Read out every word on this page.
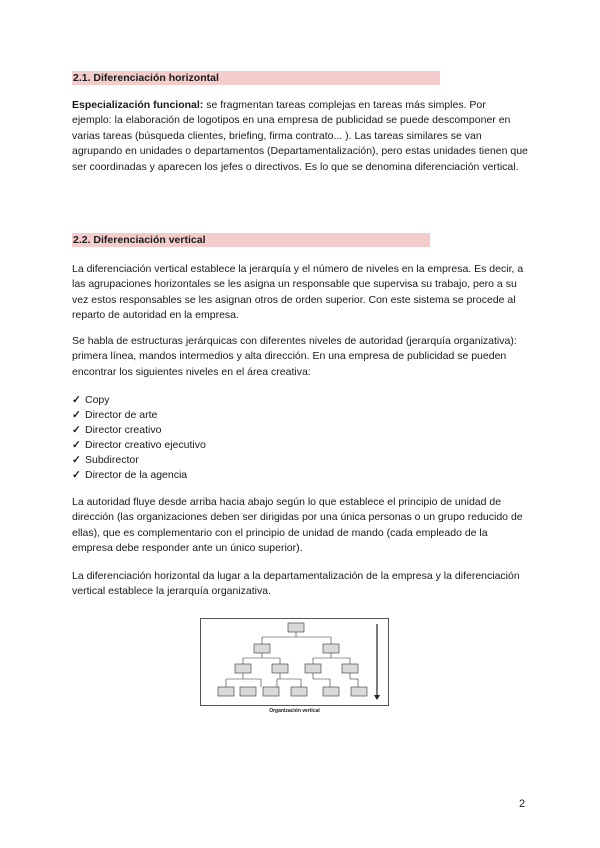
2.1. Diferenciación horizontal

Especialización funcional: se fragmentan tareas complejas en tareas más simples. Por ejemplo: la elaboración de logotipos en una empresa de publicidad se puede descomponer en varias tareas (búsqueda clientes, briefing, firma contrato... ). Las tareas similares se van agrupando en unidades o departamentos (Departamentalización), pero estas unidades tienen que ser coordinadas y aparecen los jefes o directivos. Es lo que se denomina diferenciación vertical.

2.2. Diferenciación vertical

La diferenciación vertical establece la jerarquía y el número de niveles en la empresa. Es decir, a las agrupaciones horizontales se les asigna un responsable que supervisa su trabajo, pero a su vez estos responsables se les asignan otros de orden superior. Con este sistema se procede al reparto de autoridad en la empresa.

Se habla de estructuras jerárquicas con diferentes niveles de autoridad (jerarquía organizativa): primera línea, mandos intermedios y alta dirección. En una empresa de publicidad se pueden encontrar los siguientes niveles en el área creativa:

✓ Copy
✓ Director de arte
✓ Director creativo
✓ Director creativo ejecutivo
✓ Subdirector
✓ Director de la agencia

La autoridad fluye desde arriba hacia abajo según lo que establece el principio de unidad de dirección (las organizaciones deben ser dirigidas por una única personas o un grupo reducido de ellas), que es complementario con el principio de unidad de mando (cada empleado de la empresa debe responder ante un único superior).

La diferenciación horizontal da lugar a la departamentalización de la empresa y la diferenciación vertical establece la jerarquía organizativa.

Organización vertical
2
